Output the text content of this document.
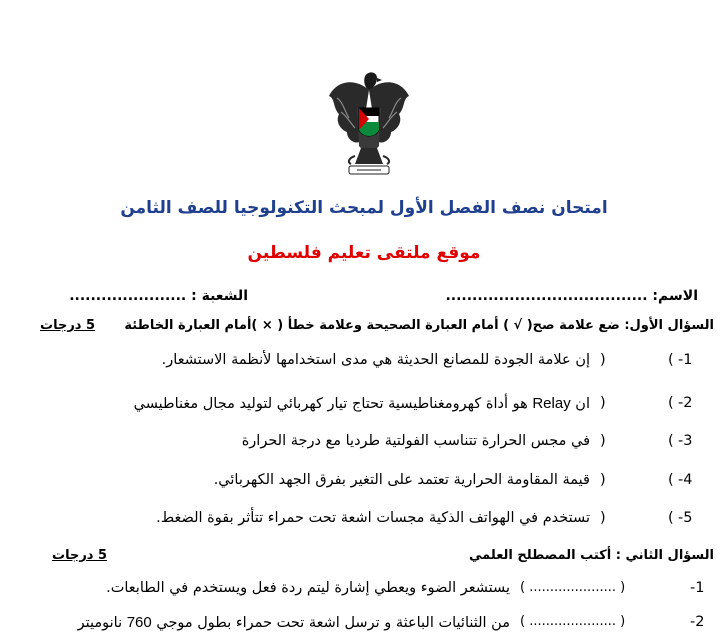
امتحان نصف الفصل الأول لمبحث التكنولوجيا للصف الثامن
موقع ملتقى تعليم فلسطين
الاسم: ......................................
الشعبة : ......................
السؤال الأول: ضع علامة صح( √ ) أمام العبارة الصحيحة وعلامة خطأ ( × )أمام العبارة الخاطئة
5 درجات
-1
(
)
إن علامة الجودة للمصانع الحديثة هي مدى استخدامها لأنظمة الاستشعار.
-2
(
)
ان Relay هو أداة كهرومغناطيسية تحتاج تيار كهربائي لتوليد مجال مغناطيسي
-3
(
)
في مجس الحرارة تتناسب الفولتية طرديا مع درجة الحرارة
-4
(
)
قيمة المقاومة الحرارية تعتمد على التغير بفرق الجهد الكهربائي.
-5
(
)
تستخدم في الهواتف الذكية مجسات اشعة تحت حمراء تتأثر بقوة الضغط.
السؤال الثاني : أكتب المصطلح العلمي
5 درجات
-1
( ..................... )
يستشعر الضوء ويعطي إشارة ليتم ردة فعل ويستخدم في الطابعات.
-2
( ..................... )
من الثنائيات الباعثة و ترسل اشعة تحت حمراء بطول موجي 760 نانوميتر
